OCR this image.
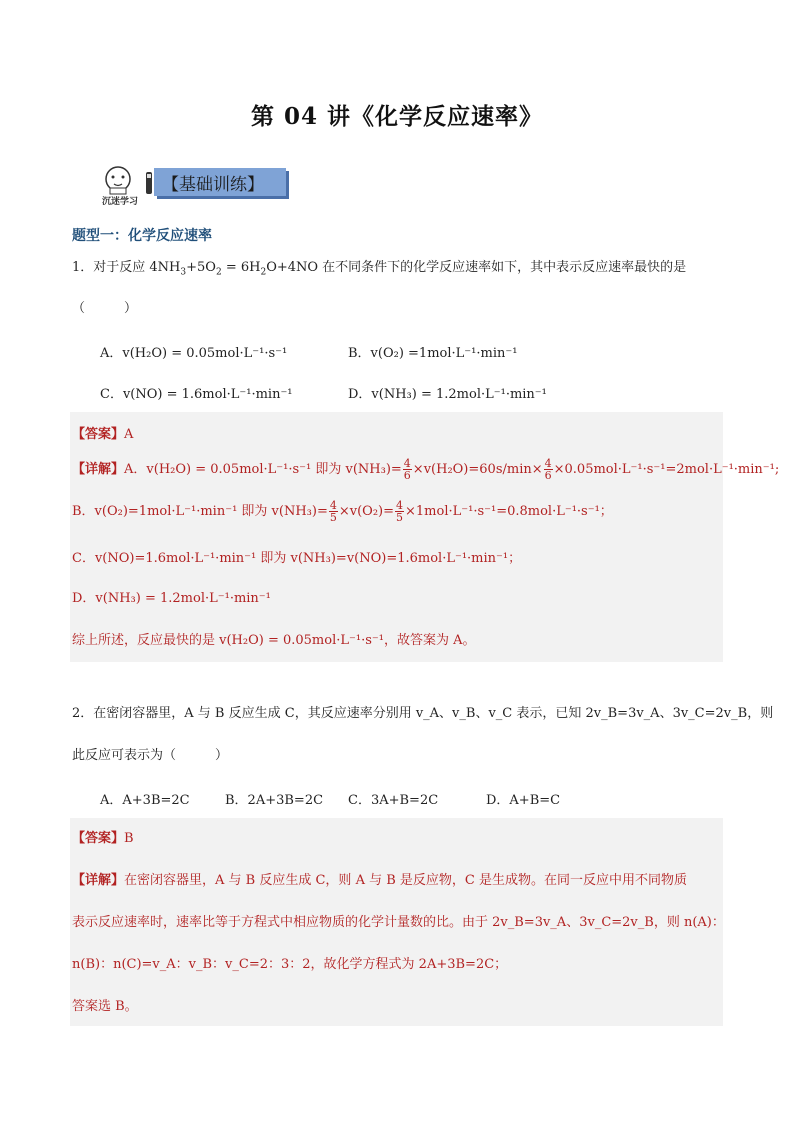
第 04 讲《化学反应速率》
沉迷学习
【基础训练】
题型一：化学反应速率
1．对于反应 $4NH_3+5O_2 = 6H_2O+4NO$ 在不同条件下的化学反应速率如下，其中表示反应速率最快的是
（　　　）
A．v(H₂O) = 0.05mol·L⁻¹·s⁻¹	B．v(O₂) =1mol·L⁻¹·min⁻¹
C．v(NO) = 1.6mol·L⁻¹·min⁻¹	D．v(NH₃) = 1.2mol·L⁻¹·min⁻¹
【答案】A
【详解】A．v(H₂O) = 0.05mol·L⁻¹·s⁻¹ 即为 $v(NH_3)= \frac{4}{6} \times v(H_2O)=60s/\min\times \frac{4}{6} \times 0.05mol\cdot L^{-1}\cdot s^{-1}=2mol\cdot L^{-1}\cdot\min^{-1}$;
B．v(O₂)=1mol·L⁻¹·min⁻¹ 即为 $v(NH_3)= \frac{4}{5} \times v(O_2)= \frac{4}{5} \times 1mol\cdot L^{-1}\cdot s^{-1}=0.8mol\cdot L^{-1}\cdot s^{-1}$；
C．v(NO)=1.6mol·L⁻¹·min⁻¹ 即为 v(NH₃)=v(NO)=1.6mol·L⁻¹·min⁻¹；
D．v(NH₃) = 1.2mol·L⁻¹·min⁻¹
综上所述，反应最快的是 v(H₂O) = 0.05mol·L⁻¹·s⁻¹，故答案为 A。
2．在密闭容器里，A 与 B 反应生成 C，其反应速率分别用 v_A、v_B、v_C 表示，已知 2v_B=3v_A、3v_C=2v_B，则
此反应可表示为（　　　）
A．A+3B=2C	B．2A+3B=2C C．3A+B=2C	D．A+B=C
【答案】B
【详解】在密闭容器里，A 与 B 反应生成 C，则 A 与 B 是反应物，C 是生成物。在同一反应中用不同物质
表示反应速率时，速率比等于方程式中相应物质的化学计量数的比。由于 2v_B=3v_A、3v_C=2v_B，则 n(A)：
n(B)：n(C)=v_A：v_B：v_C=2：3：2，故化学方程式为 2A+3B=2C；
答案选 B。
